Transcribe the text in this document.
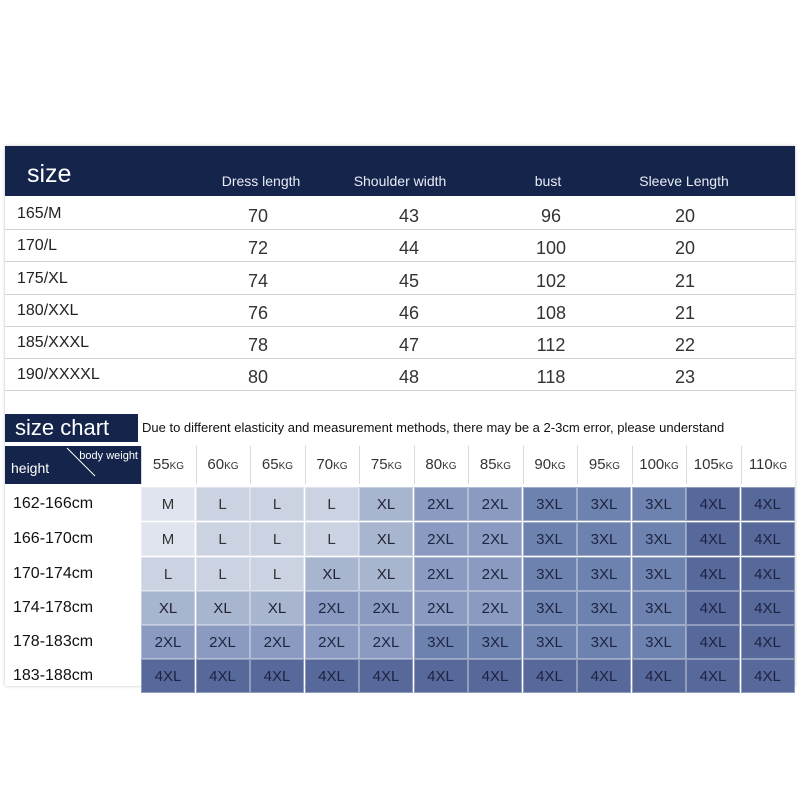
size	Dress length	Shoulder width	bust	Sleeve Length
165/M	70	43	96	20
170/L	72	44	100	20
175/XL	74	45	102	21
180/XXL	76	46	108	21
185/XXXL	78	47	112	22
190/XXXXL	80	48	118	23
size chart	Due to different elasticity and measurement methods, there may be a 2-3cm error, please understand
height
body weight 55KG	60KG	65KG	70KG	75KG	80KG	85KG	90KG	95KG	100KG	105KG	110KG
162-166cm	M	L	L	L	XL	2XL	2XL	3XL	3XL	3XL	4XL	4XL
166-170cm	M	L	L	L	XL	2XL	2XL	3XL	3XL	3XL	4XL	4XL
170-174cm	L	L	L	XL	XL	2XL	2XL	3XL	3XL	3XL	4XL	4XL
174-178cm	XL	XL	XL	2XL	2XL	2XL	2XL	3XL	3XL	3XL	4XL	4XL
178-183cm	2XL	2XL	2XL	2XL	2XL	3XL	3XL	3XL	3XL	3XL	4XL	4XL
183-188cm	4XL	4XL	4XL	4XL	4XL	4XL	4XL	4XL	4XL	4XL	4XL	4XL
